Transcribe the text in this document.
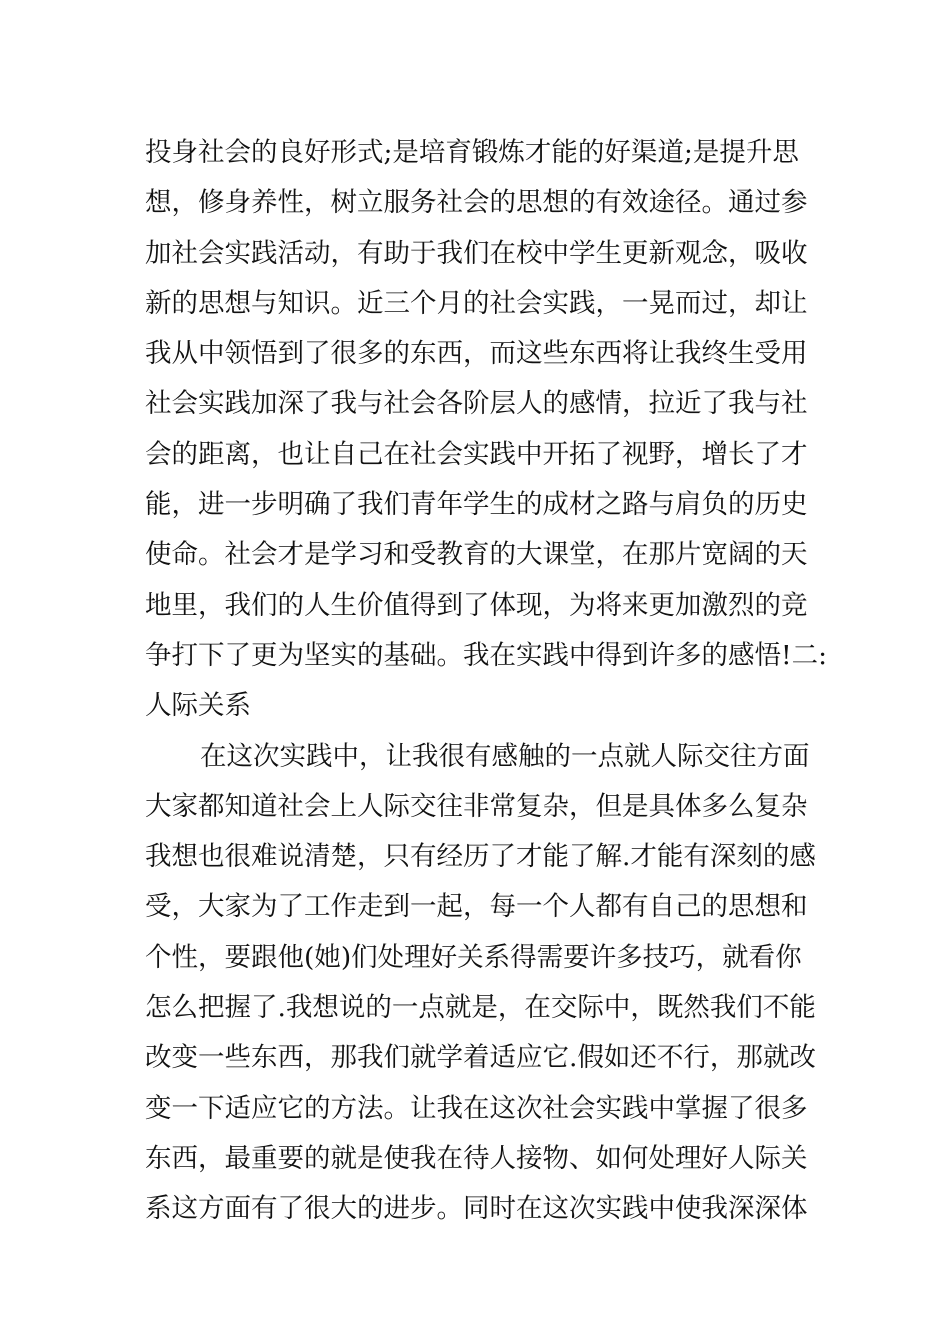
投身社会的良好形式;是培育锻炼才能的好渠道;是提升思
想，修身养性，树立服务社会的思想的有效途径。通过参
加社会实践活动，有助于我们在校中学生更新观念，吸收
新的思想与知识。近三个月的社会实践，一晃而过，却让
我从中领悟到了很多的东西，而这些东西将让我终生受用
社会实践加深了我与社会各阶层人的感情，拉近了我与社
会的距离，也让自己在社会实践中开拓了视野，增长了才
能，进一步明确了我们青年学生的成材之路与肩负的历史
使命。社会才是学习和受教育的大课堂，在那片宽阔的天
地里，我们的人生价值得到了体现，为将来更加激烈的竞
争打下了更为坚实的基础。我在实践中得到许多的感悟!二:
人际关系
在这次实践中，让我很有感触的一点就人际交往方面
大家都知道社会上人际交往非常复杂，但是具体多么复杂
我想也很难说清楚，只有经历了才能了解.才能有深刻的感
受，大家为了工作走到一起，每一个人都有自己的思想和
个性，要跟他(她)们处理好关系得需要许多技巧，就看你
怎么把握了.我想说的一点就是，在交际中，既然我们不能
改变一些东西，那我们就学着适应它.假如还不行，那就改
变一下适应它的方法。让我在这次社会实践中掌握了很多
东西，最重要的就是使我在待人接物、如何处理好人际关
系这方面有了很大的进步。同时在这次实践中使我深深体
